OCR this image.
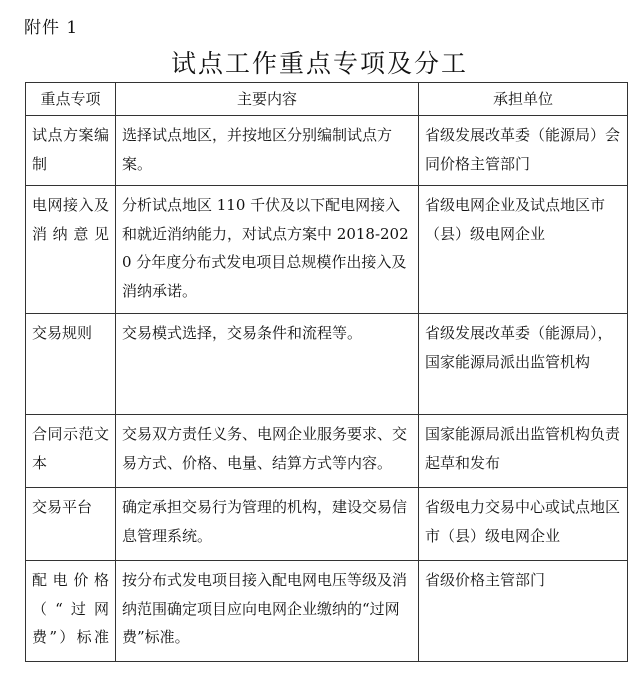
附件 1
试点工作重点专项及分工
重点专项	主要内容	承担单位
试点方案编制	选择试点地区，并按地区分别编制试点方案。	省级发展改革委（能源局）会同价格主管部门
电网接入及消纳意见	分析试点地区 110 千伏及以下配电网接入和就近消纳能力，对试点方案中 2018-2020 分年度分布式发电项目总规模作出接入及消纳承诺。	省级电网企业及试点地区市（县）级电网企业
交易规则	交易模式选择，交易条件和流程等。	省级发展改革委（能源局），国家能源局派出监管机构
合同示范文本	交易双方责任义务、电网企业服务要求、交易方式、价格、电量、结算方式等内容。	国家能源局派出监管机构负责起草和发布
交易平台	确定承担交易行为管理的机构，建设交易信息管理系统。	省级电力交易中心或试点地区市（县）级电网企业
配电价格（“过网费”）标准	按分布式发电项目接入配电网电压等级及消纳范围确定项目应向电网企业缴纳的“过网费”标准。	省级价格主管部门
